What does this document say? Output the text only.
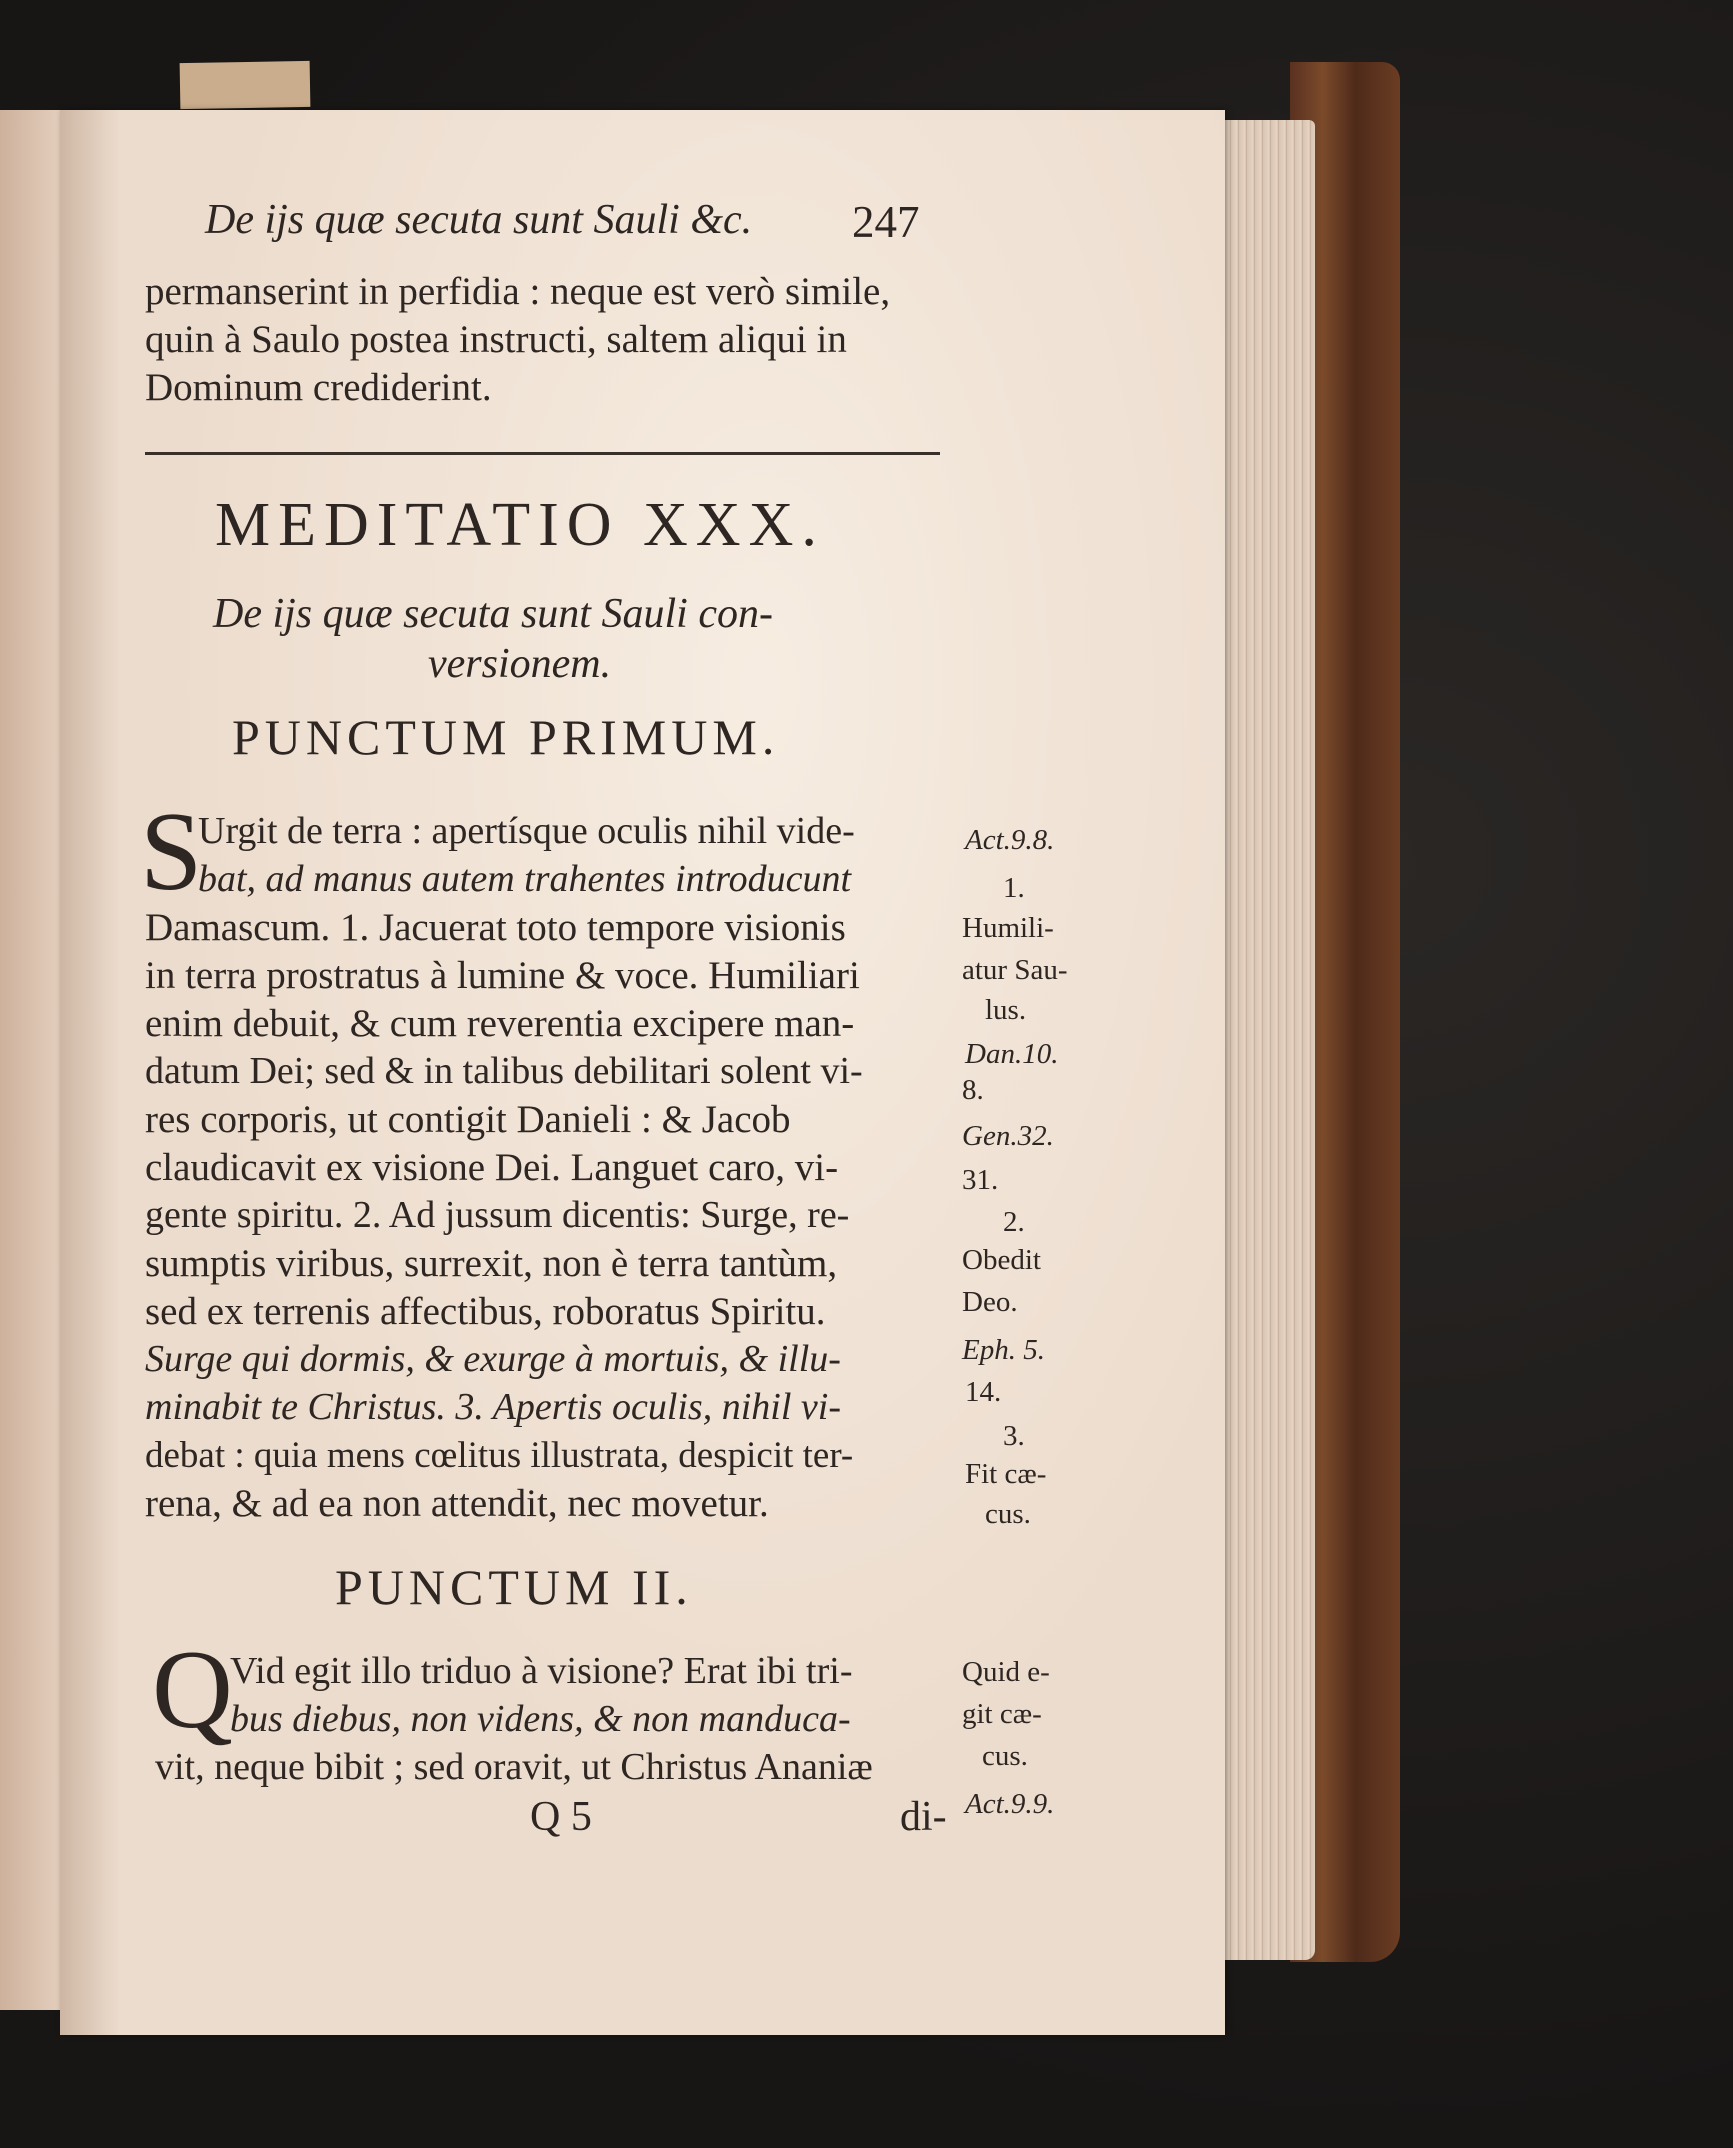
De ijs quæ secuta sunt Sauli &c. 247
permanserint in perfidia : neque est verò simile,
quin à Saulo postea instructi, saltem aliqui in
Dominum crediderint.
MEDITATIO XXX.
De ijs quæ secuta sunt Sauli con-
versionem.
PUNCTUM PRIMUM.
S
Urgit de terra : apertísque oculis nihil vide-
bat, ad manus autem trahentes introducunt
Damascum. 1. Jacuerat toto tempore visionis
in terra prostratus à lumine & voce. Humiliari
enim debuit, & cum reverentia excipere man-
datum Dei; sed & in talibus debilitari solent vi-
res corporis, ut contigit Danieli : & Jacob
claudicavit ex visione Dei. Languet caro, vi-
gente spiritu. 2. Ad jussum dicentis: Surge, re-
sumptis viribus, surrexit, non è terra tantùm,
sed ex terrenis affectibus, roboratus Spiritu.
Surge qui dormis, & exurge à mortuis, & illu-
minabit te Christus. 3. Apertis oculis, nihil vi-
debat : quia mens cœlitus illustrata, despicit ter-
rena, & ad ea non attendit, nec movetur.
PUNCTUM II.
Q
Vid egit illo triduo à visione? Erat ibi tri-
bus diebus, non videns, & non manduca-
vit, neque bibit ; sed oravit, ut Christus Ananiæ
Act.9.8.
1.
Humili-
atur Sau-
lus.
Dan.10.
8.
Gen.32.
31.
2.
Obedit
Deo.
Eph. 5.
14.
3.
Fit cæ-
cus.
Quid e-
git cæ-
cus.
Act.9.9.
Q 5	di-
